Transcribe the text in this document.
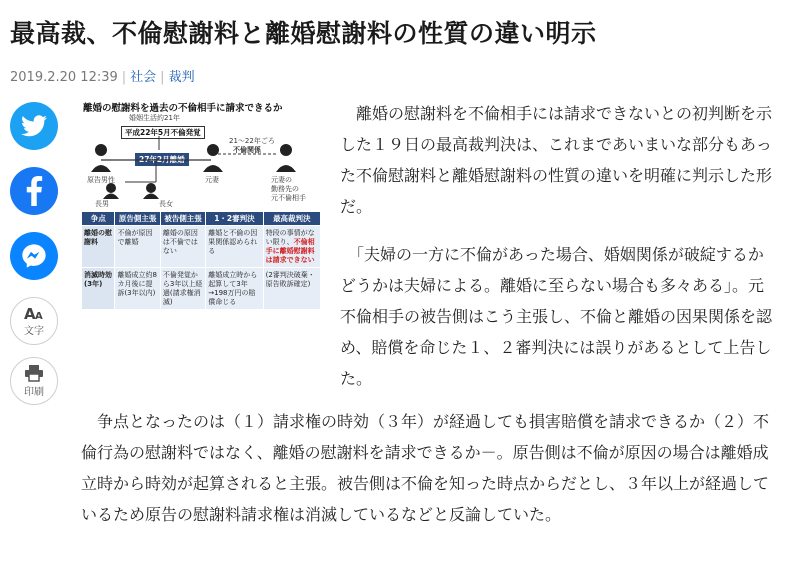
最高裁、不倫慰謝料と離婚慰謝料の性質の違い明示
2019.2.20 12:39 | 社会 | 裁判
A A
文字
印刷
離婚の慰謝料を過去の不倫相手に請求できるか
婚姻生活約21年
平成22年5月不倫発覚
21～22年ごろ
不倫関係
27年2月離婚
原告男性	元妻	元妻の
勤務先の
元不倫相手
長男	長女
争点	原告側主張	被告側主張	1・2審判決	最高裁判決
離婚の慰謝料	不倫が原因で離婚	離婚の原因は不倫ではない	離婚と不倫の因果関係認められる	特段の事情がない限り、不倫相手に離婚慰謝料は請求できない
消滅時効(3年)	離婚成立約8カ月後に提訴(3年以内)	不倫発覚から3年以上経過(請求権消滅)	離婚成立時から起算して3年→198万円の賠償命じる	(2審判決破棄・原告敗訴確定)

　離婚の慰謝料を不倫相手には請求できないとの初判断を示した１９日の最高裁判決は、これまであいまいな部分もあった不倫慰謝料と離婚慰謝料の性質の違いを明確に判示した形だ。

　「夫婦の一方に不倫があった場合、婚姻関係が破綻するかどうかは夫婦による。離婚に至らない場合も多々ある」。元不倫相手の被告側はこう主張し、不倫と離婚の因果関係を認め、賠償を命じた１、２審判決には誤りがあるとして上告した。

　争点となったのは（１）請求権の時効（３年）が経過しても損害賠償を請求できるか（２）不倫行為の慰謝料ではなく、離婚の慰謝料を請求できるか－。原告側は不倫が原因の場合は離婚成立時から時効が起算されると主張。被告側は不倫を知った時点からだとし、３年以上が経過しているため原告の慰謝料請求権は消滅しているなどと反論していた。
